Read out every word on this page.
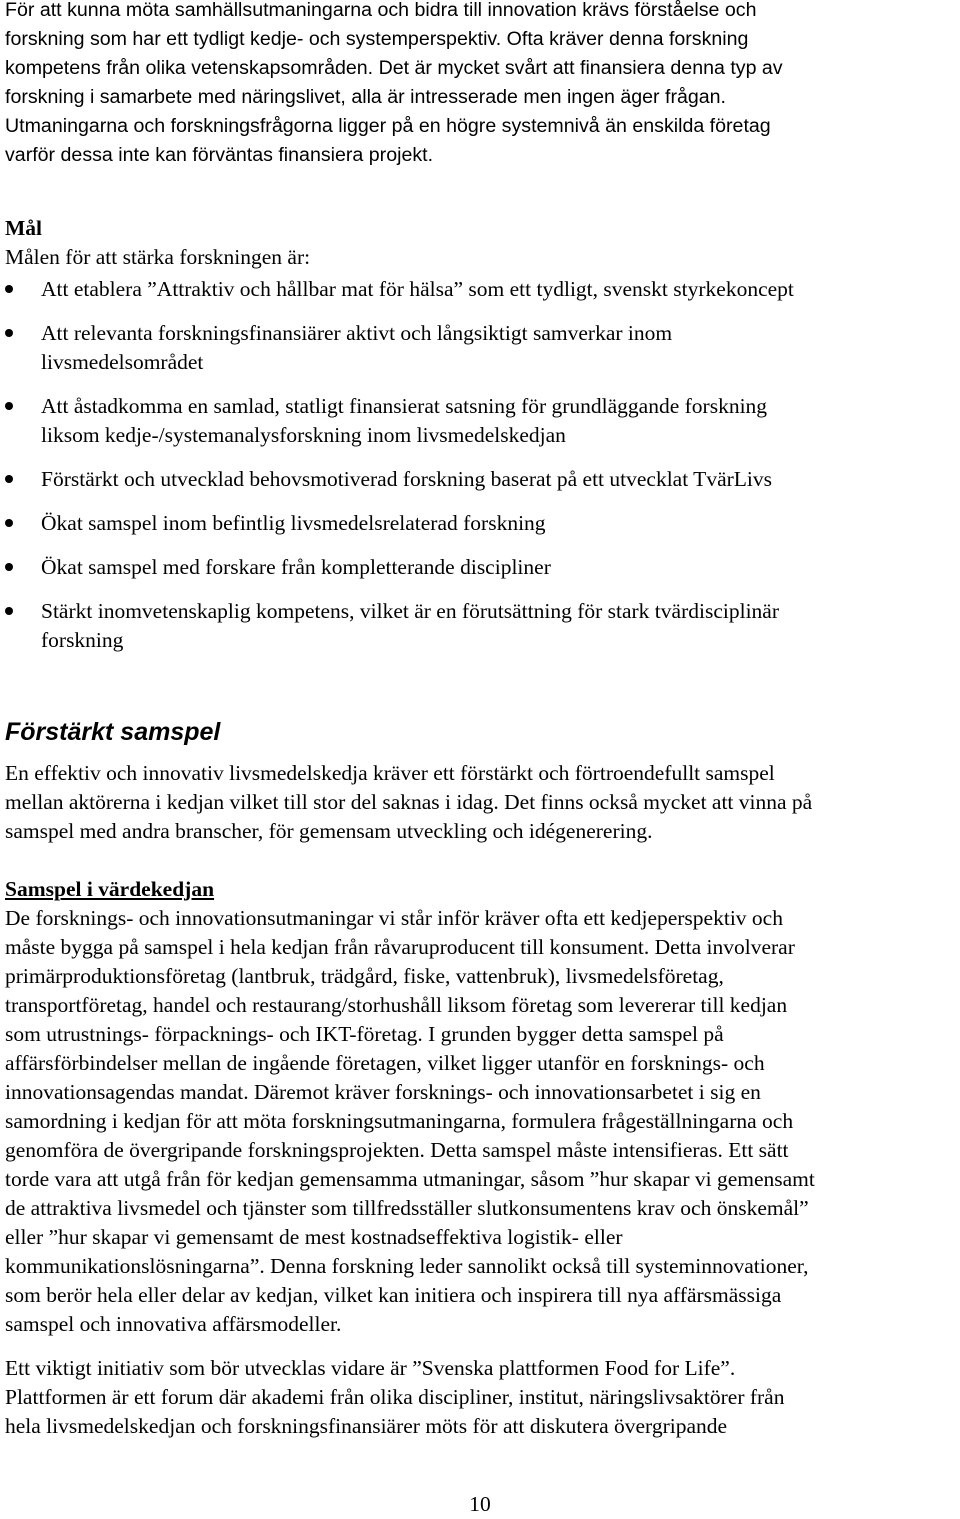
För att kunna möta samhällsutmaningarna och bidra till innovation krävs förståelse och
forskning som har ett tydligt kedje- och systemperspektiv. Ofta kräver denna forskning
kompetens från olika vetenskapsområden. Det är mycket svårt att finansiera denna typ av
forskning i samarbete med näringslivet, alla är intresserade men ingen äger frågan.
Utmaningarna och forskningsfrågorna ligger på en högre systemnivå än enskilda företag
varför dessa inte kan förväntas finansiera projekt.

Mål

Målen för att stärka forskningen är:

Att etablera ”Attraktiv och hållbar mat för hälsa” som ett tydligt, svenskt styrkekoncept
Att relevanta forskningsfinansiärer aktivt och långsiktigt samverkar inom
livsmedelsområdet
Att åstadkomma en samlad, statligt finansierat satsning för grundläggande forskning
liksom kedje-/systemanalysforskning inom livsmedelskedjan
Förstärkt och utvecklad behovsmotiverad forskning baserat på ett utvecklat TvärLivs
Ökat samspel inom befintlig livsmedelsrelaterad forskning
Ökat samspel med forskare från kompletterande discipliner
Stärkt inomvetenskaplig kompetens, vilket är en förutsättning för stark tvärdisciplinär
forskning
Förstärkt samspel

En effektiv och innovativ livsmedelskedja kräver ett förstärkt och förtroendefullt samspel
mellan aktörerna i kedjan vilket till stor del saknas i idag. Det finns också mycket att vinna på
samspel med andra branscher, för gemensam utveckling och idégenerering.

Samspel i värdekedjan

De forsknings- och innovationsutmaningar vi står inför kräver ofta ett kedjeperspektiv och
måste bygga på samspel i hela kedjan från råvaruproducent till konsument. Detta involverar
primärproduktionsföretag (lantbruk, trädgård, fiske, vattenbruk), livsmedelsföretag,
transportföretag, handel och restaurang/storhushåll liksom företag som levererar till kedjan
som utrustnings- förpacknings- och IKT-företag. I grunden bygger detta samspel på
affärsförbindelser mellan de ingående företagen, vilket ligger utanför en forsknings- och
innovationsagendas mandat. Däremot kräver forsknings- och innovationsarbetet i sig en
samordning i kedjan för att möta forskningsutmaningarna, formulera frågeställningarna och
genomföra de övergripande forskningsprojekten. Detta samspel måste intensifieras. Ett sätt
torde vara att utgå från för kedjan gemensamma utmaningar, såsom ”hur skapar vi gemensamt
de attraktiva livsmedel och tjänster som tillfredsställer slutkonsumentens krav och önskemål”
eller ”hur skapar vi gemensamt de mest kostnadseffektiva logistik- eller
kommunikationslösningarna”. Denna forskning leder sannolikt också till systeminnovationer,
som berör hela eller delar av kedjan, vilket kan initiera och inspirera till nya affärsmässiga
samspel och innovativa affärsmodeller.

Ett viktigt initiativ som bör utvecklas vidare är ”Svenska plattformen Food for Life”.
Plattformen är ett forum där akademi från olika discipliner, institut, näringslivsaktörer från
hela livsmedelskedjan och forskningsfinansiärer möts för att diskutera övergripande

10
